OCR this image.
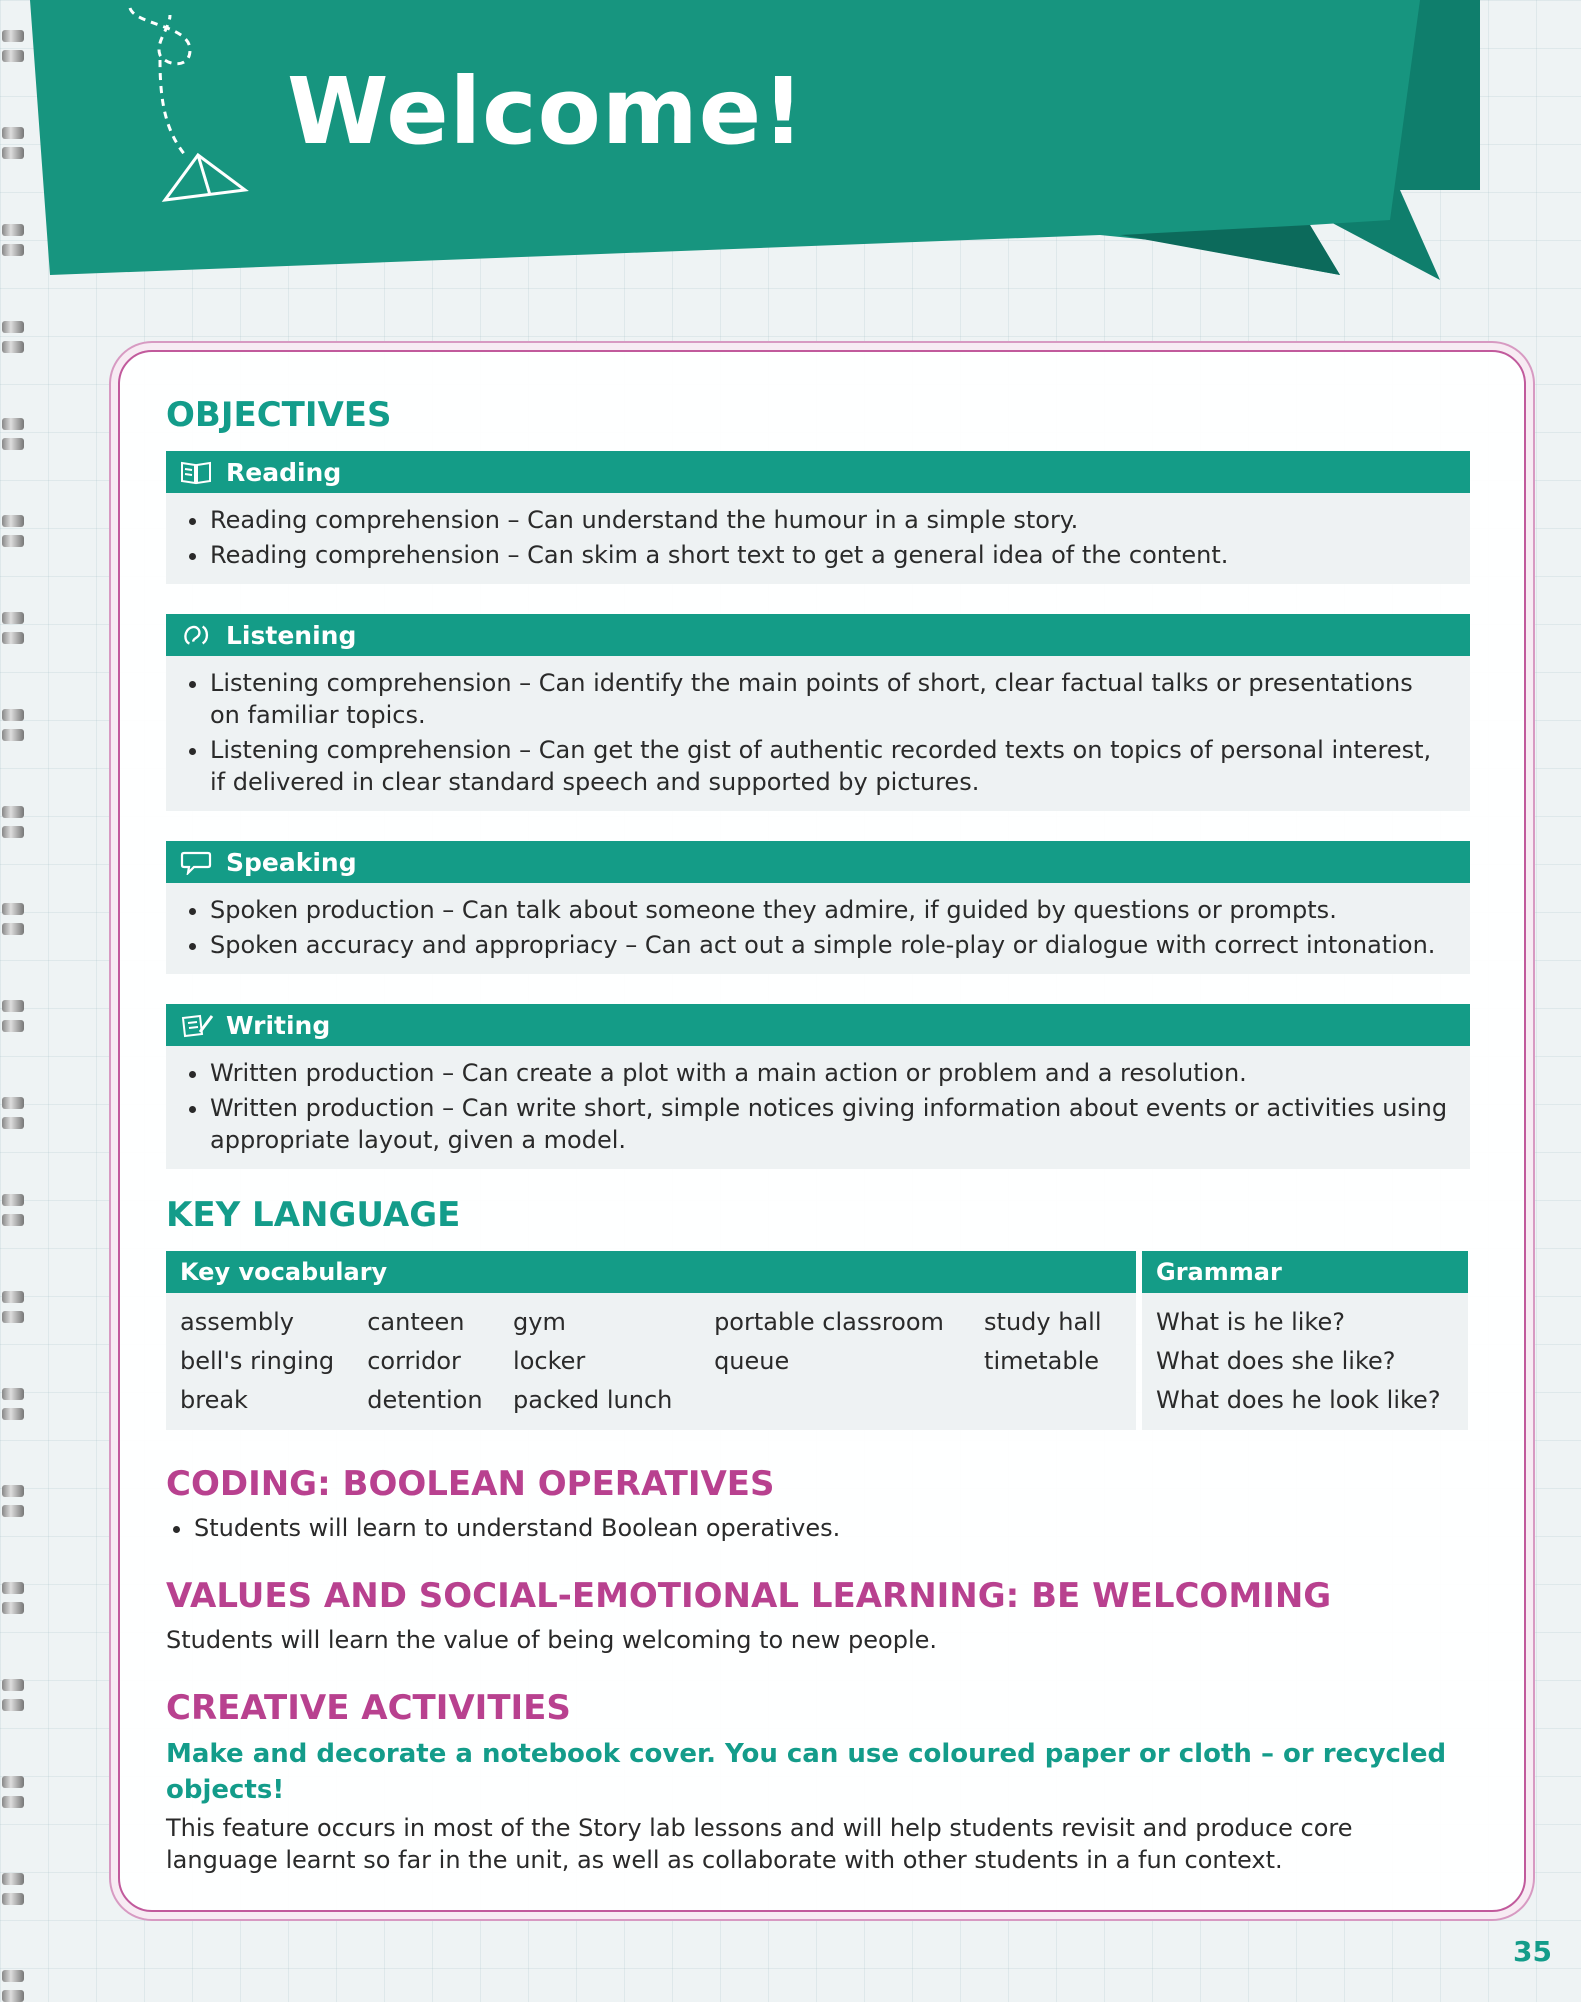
Welcome!
OBJECTIVES
Reading
• Reading comprehension – Can understand the humour in a simple story.
• Reading comprehension – Can skim a short text to get a general idea of the content.
Listening
• Listening comprehension – Can identify the main points of short, clear factual talks or presentations on familiar topics.
• Listening comprehension – Can get the gist of authentic recorded texts on topics of personal interest, if delivered in clear standard speech and supported by pictures.
Speaking
• Spoken production – Can talk about someone they admire, if guided by questions or prompts.
• Spoken accuracy and appropriacy – Can act out a simple role-play or dialogue with correct intonation.
Writing
• Written production – Can create a plot with a main action or problem and a resolution.
• Written production – Can write short, simple notices giving information about events or activities using appropriate layout, given a model.
KEY LANGUAGE
Key vocabulary
assembly
bell's ringing
break
canteen
corridor
detention
gym
locker
packed lunch
portable classroom
queue
study hall
timetable
Grammar
What is he like?
What does she like?
What does he look like?
CODING: BOOLEAN OPERATIVES
• Students will learn to understand Boolean operatives.
VALUES AND SOCIAL-EMOTIONAL LEARNING: BE WELCOMING

Students will learn the value of being welcoming to new people.

CREATIVE ACTIVITIES

Make and decorate a notebook cover. You can use coloured paper or cloth – or recycled objects!

This feature occurs in most of the Story lab lessons and will help students revisit and produce core language learnt so far in the unit, as well as collaborate with other students in a fun context.

35
